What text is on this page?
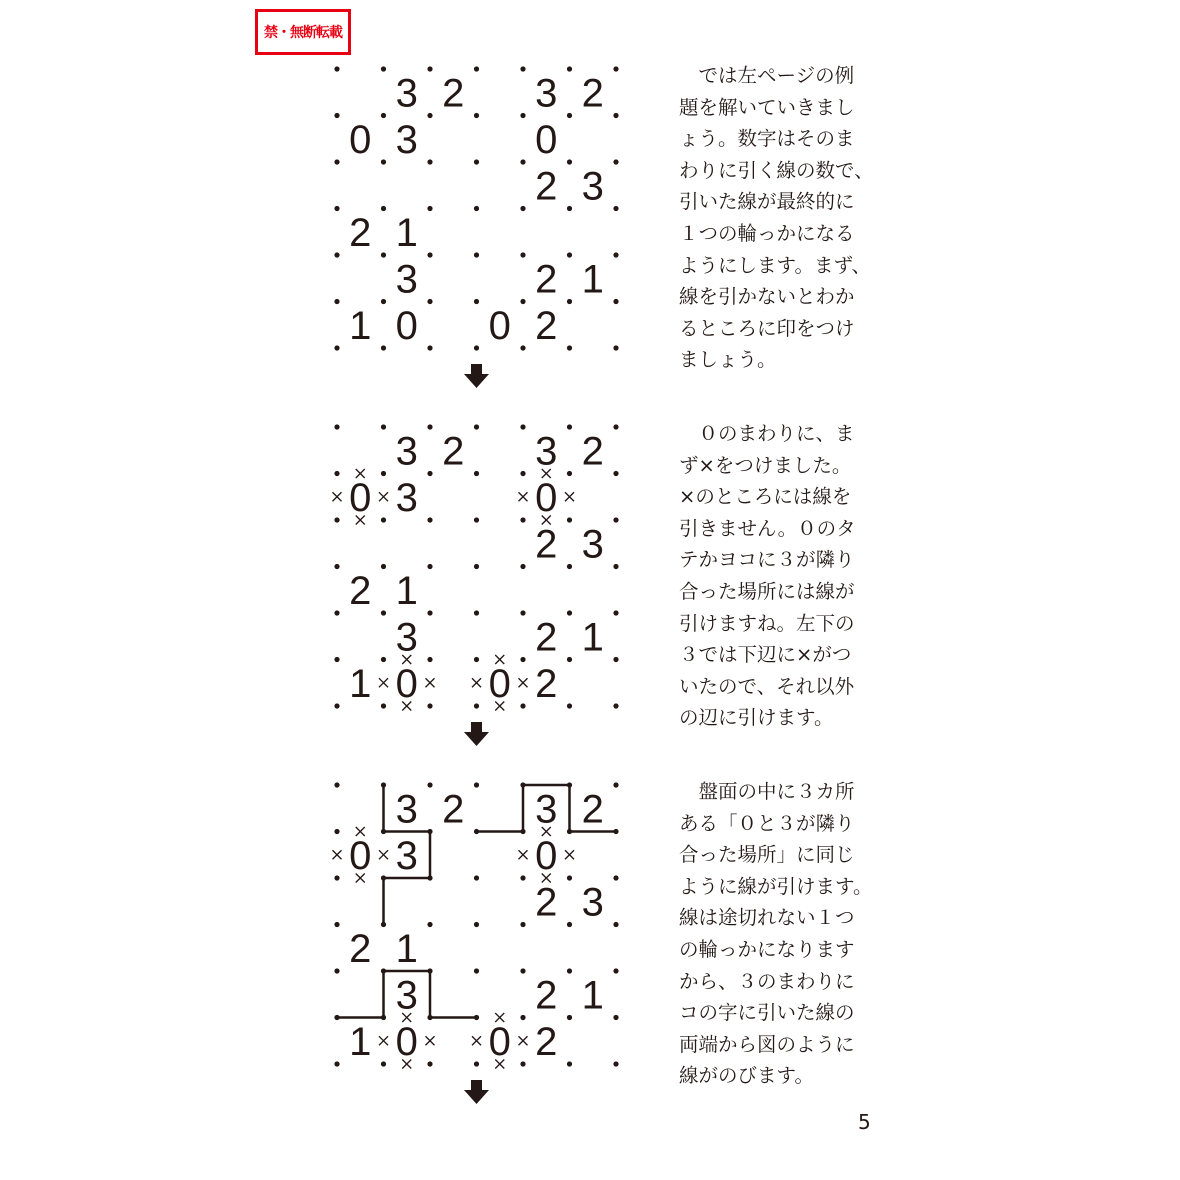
禁・無断転載
3 2 3 2
0 3	0
2 3
2 1
3	2 1
1 0 0 2
3 2 3 2
0 3	0
2 3
2 1
3	2 1
1 0 0 2
3 2 3 2
0 3	0
2 3
2 1
3	2 1
1 0 0 2
　では左ページの例
題を解いていきまし
ょう。数字はそのま
わりに引く線の数で、
引いた線が最終的に
１つの輪っかになる
ようにします。まず、
線を引かないとわか
るところに印をつけ
ましょう。
　０のまわりに、ま
ず×をつけました。
×のところには線を
引きません。０のタ
テかヨコに３が隣り
合った場所には線が
引けますね。左下の
３では下辺に×がつ
いたので、それ以外
の辺に引けます。
　盤面の中に３カ所
ある「０と３が隣り
合った場所」に同じ
ように線が引けます。
線は途切れない１つ
の輪っかになります
から、３のまわりに
コの字に引いた線の
両端から図のように
線がのびます。
5
